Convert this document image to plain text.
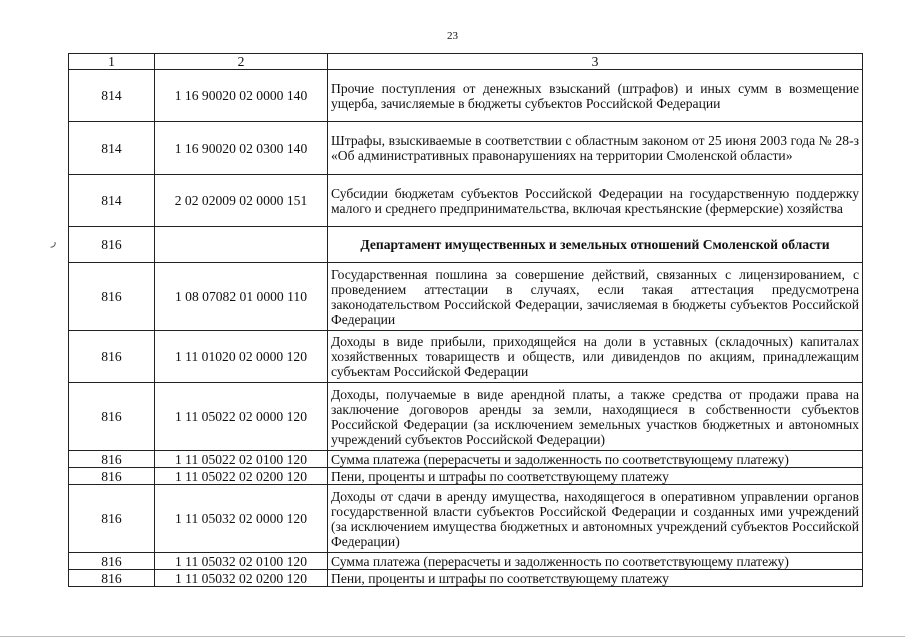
23
1	2	3
814	1 16 90020 02 0000 140	Прочие поступления от денежных взысканий (штрафов) и иных сумм в возмещение ущерба, зачисляемые в бюджеты субъектов Российской Федерации
814	1 16 90020 02 0300 140	Штрафы, взыскиваемые в соответствии с областным законом от 25 июня 2003 года № 28-з «Об административных правонарушениях на территории Смоленской области»
814	2 02 02009 02 0000 151	Субсидии бюджетам субъектов Российской Федерации на государственную поддержку малого и среднего предпринимательства, включая крестьянские (фермерские) хозяйства

ر 816		Департамент имущественных и земельных отношений Смоленской области
816	1 08 07082 01 0000 110	Государственная пошлина за совершение действий, связанных с лицензированием, с проведением аттестации в случаях, если такая аттестация предусмотрена законодательством Российской Федерации, зачисляемая в бюджеты субъектов Российской Федерации
816	1 11 01020 02 0000 120	Доходы в виде прибыли, приходящейся на доли в уставных (складочных) капиталах хозяйственных товариществ и обществ, или дивидендов по акциям, принадлежащим субъектам Российской Федерации
816	1 11 05022 02 0000 120	Доходы, получаемые в виде арендной платы, а также средства от продажи права на заключение договоров аренды за земли, находящиеся в собственности субъектов Российской Федерации (за исключением земельных участков бюджетных и автономных учреждений субъектов Российской Федерации)
816	1 11 05022 02 0100 120	Сумма платежа (перерасчеты и задолженность по соответствующему платежу)
816	1 11 05022 02 0200 120	Пени, проценты и штрафы по соответствующему платежу
816	1 11 05032 02 0000 120	Доходы от сдачи в аренду имущества, находящегося в оперативном управлении органов государственной власти субъектов Российской Федерации и созданных ими учреждений (за исключением имущества бюджетных и автономных учреждений субъектов Российской Федерации)
816	1 11 05032 02 0100 120	Сумма платежа (перерасчеты и задолженность по соответствующему платежу)
816	1 11 05032 02 0200 120	Пени, проценты и штрафы по соответствующему платежу
